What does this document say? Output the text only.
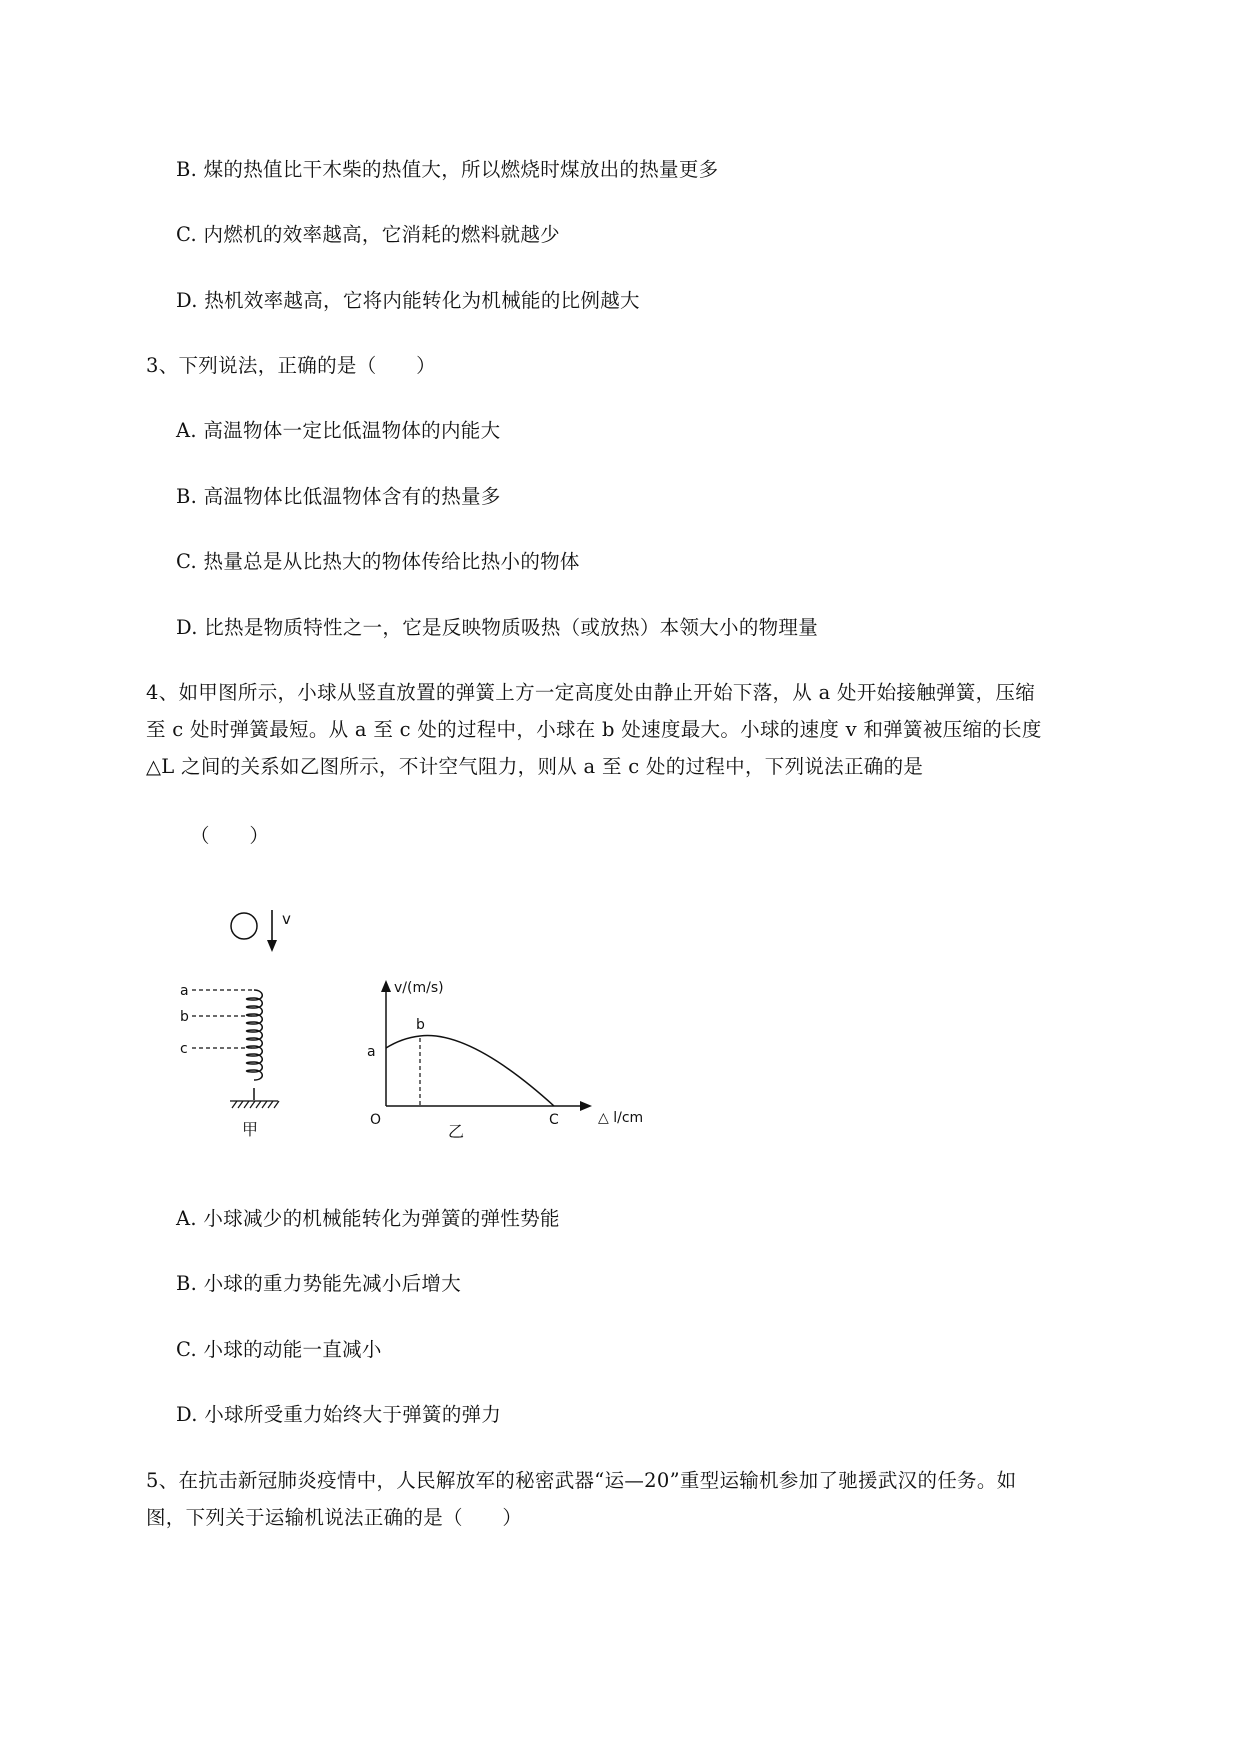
B. 煤的热值比干木柴的热值大，所以燃烧时煤放出的热量更多
C. 内燃机的效率越高，它消耗的燃料就越少
D. 热机效率越高，它将内能转化为机械能的比例越大
3、下列说法，正确的是（　　）
A. 高温物体一定比低温物体的内能大
B. 高温物体比低温物体含有的热量多
C. 热量总是从比热大的物体传给比热小的物体
D. 比热是物质特性之一，它是反映物质吸热（或放热）本领大小的物理量
4、如甲图所示，小球从竖直放置的弹簧上方一定高度处由静止开始下落，从 a 处开始接触弹簧，压缩
至 c 处时弹簧最短。从 a 至 c 处的过程中，小球在 b 处速度最大。小球的速度 v 和弹簧被压缩的长度
△L 之间的关系如乙图所示，不计空气阻力，则从 a 至 c 处的过程中，下列说法正确的是
（　　）
v
a
b
c
甲
v/(m/s)
△ l/cm
O
a
b
C
乙
A. 小球减少的机械能转化为弹簧的弹性势能
B. 小球的重力势能先减小后增大
C. 小球的动能一直减小
D. 小球所受重力始终大于弹簧的弹力
5、在抗击新冠肺炎疫情中，人民解放军的秘密武器“运—20”重型运输机参加了驰援武汉的任务。如
图，下列关于运输机说法正确的是（　　）
